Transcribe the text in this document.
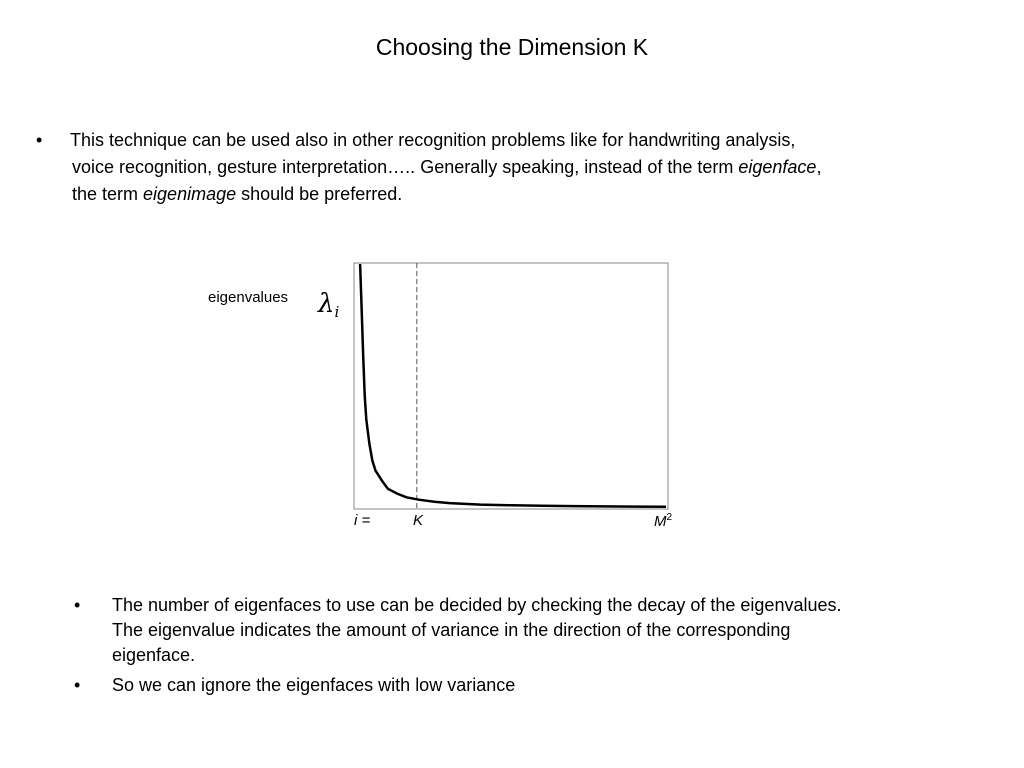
Choosing the Dimension K
•	This technique can be used also in other recognition problems like for handwriting analysis,
voice recognition, gesture interpretation….. Generally speaking, instead of the term eigenface,
the term eigenimage should be preferred.
eigenvalues $\lambda_i$
i =	K	$M^2$
• The number of eigenfaces to use can be decided by checking the decay of the eigenvalues.
The eigenvalue indicates the amount of variance in the direction of the corresponding
eigenface.
• So we can ignore the eigenfaces with low variance
